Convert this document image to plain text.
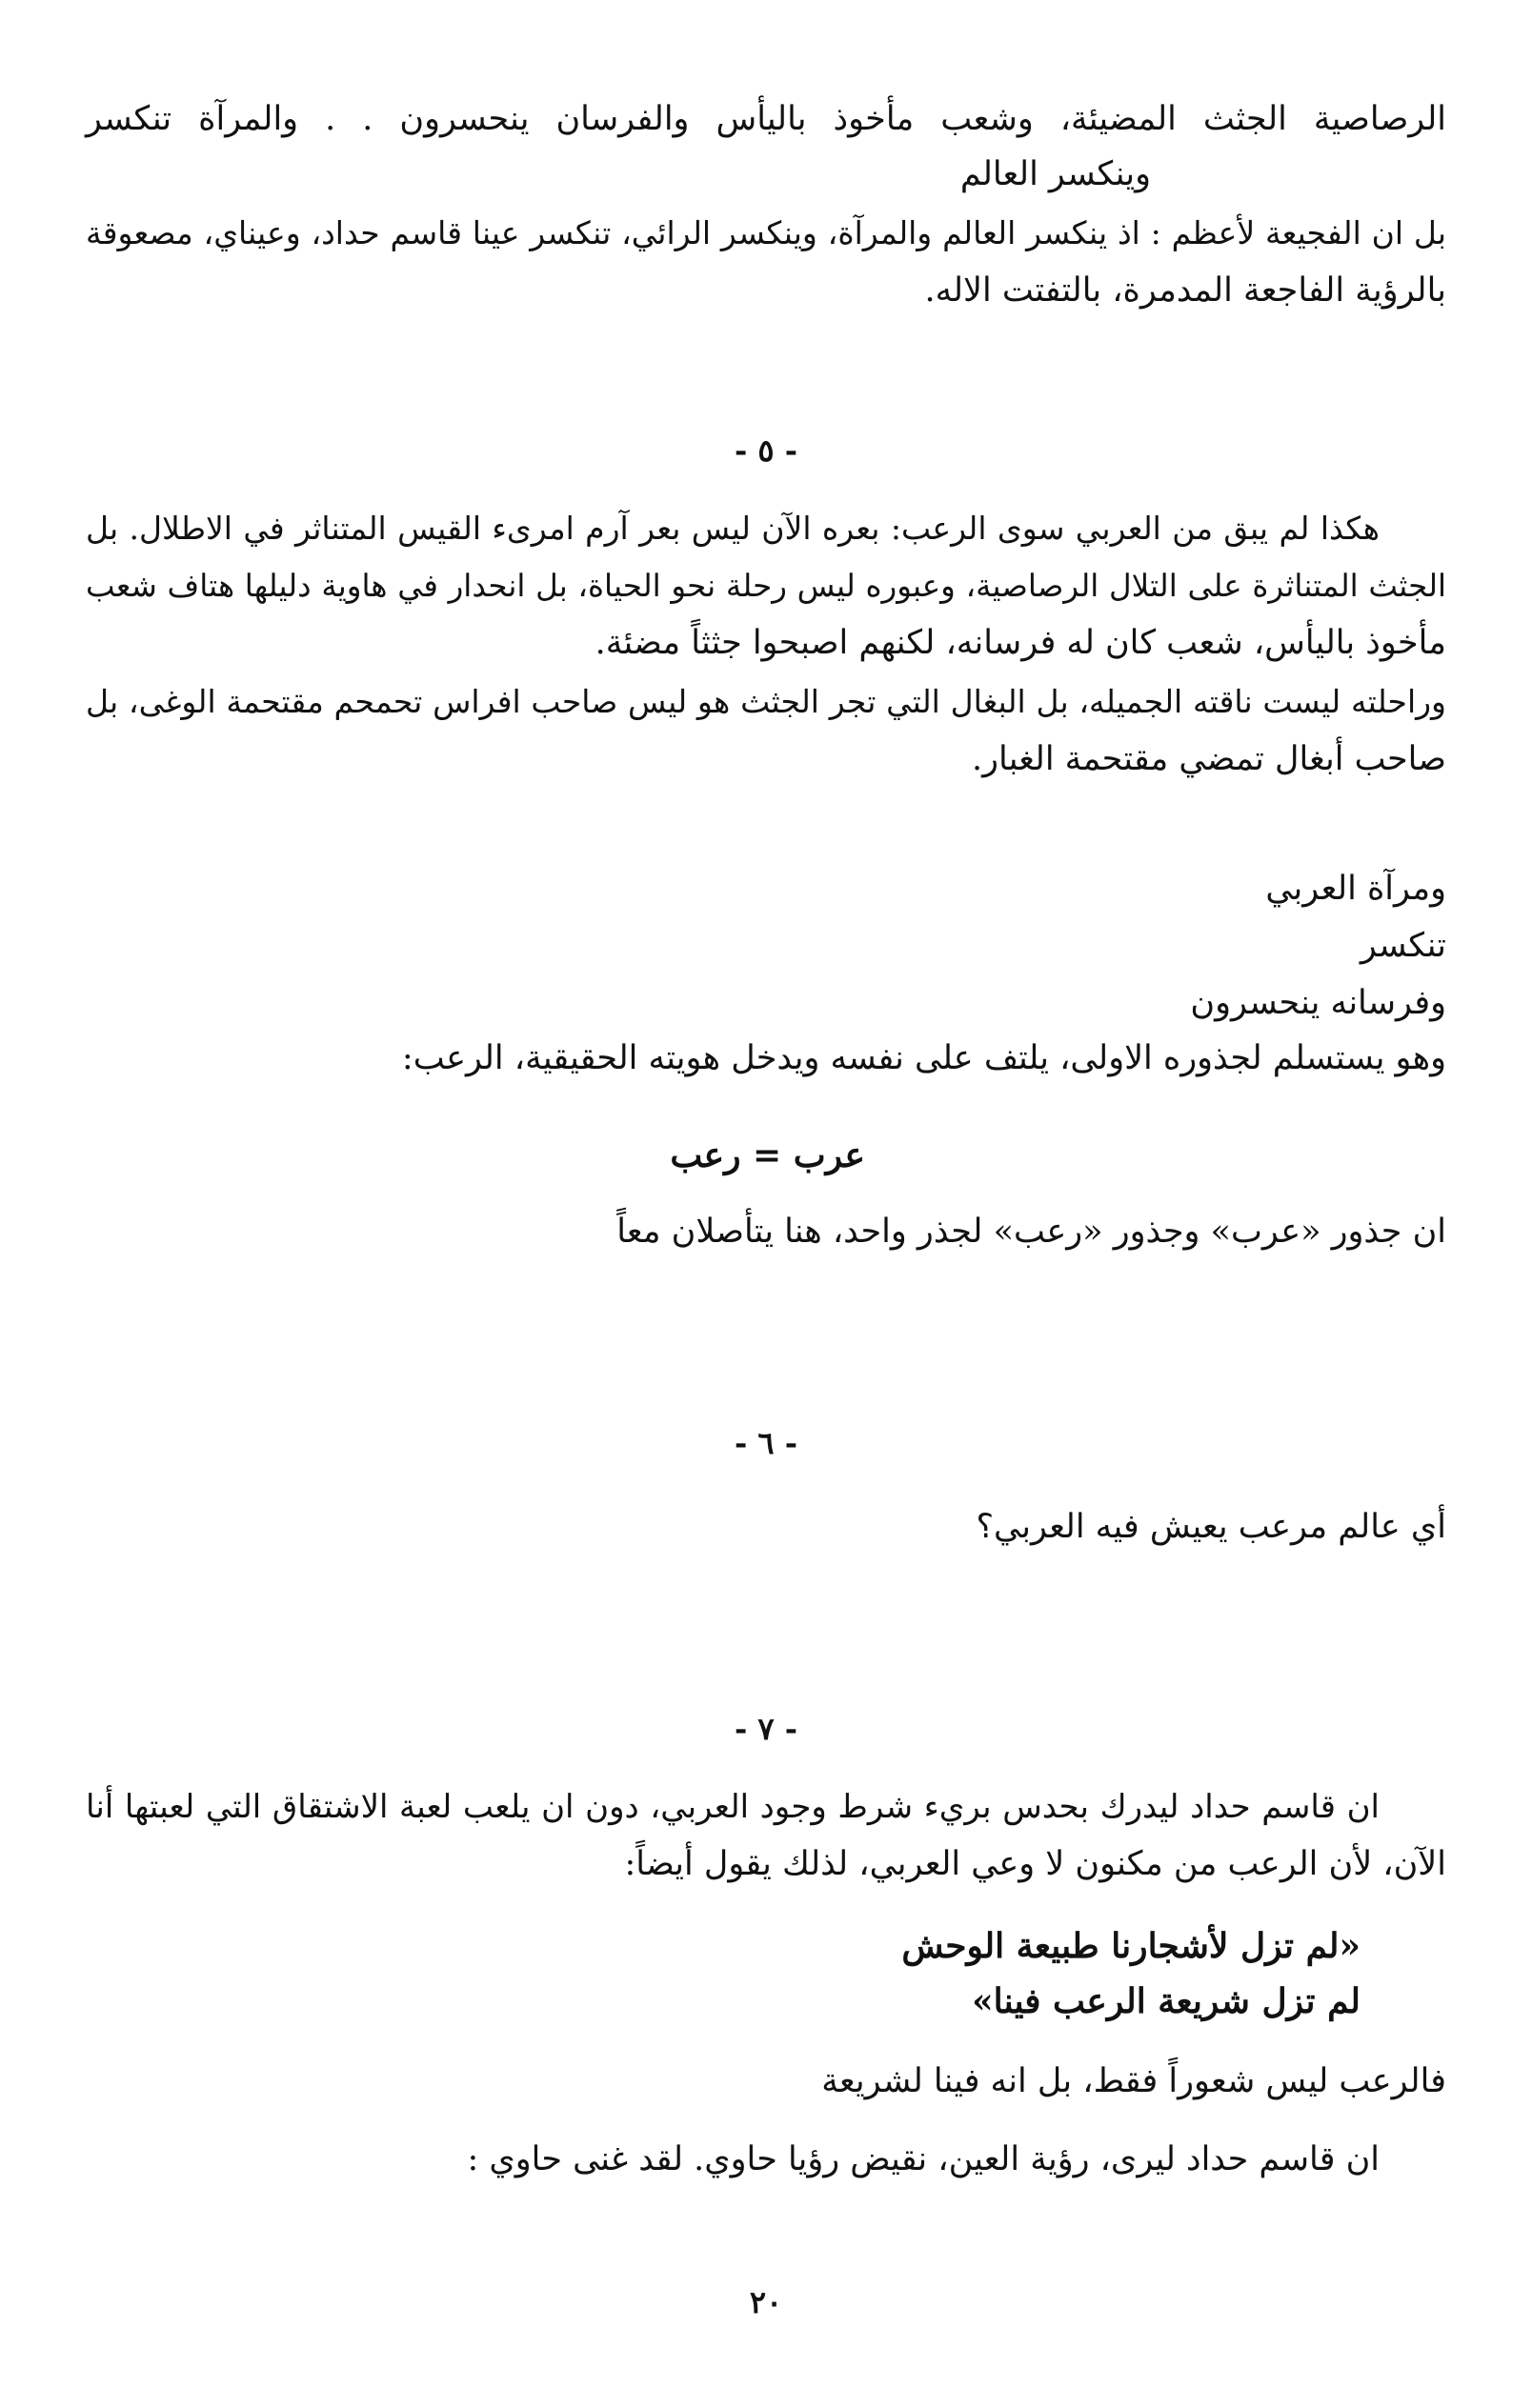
الرصاصية الجثث المضيئة، وشعب مأخوذ باليأس والفرسان ينحسرون . . والمرآة تنكسر
وينكسر العالم
بل ان الفجيعة لأعظم : اذ ينكسر العالم والمرآة، وينكسر الرائي، تنكسر عينا قاسم حداد، وعيناي، مصعوقة
بالرؤية الفاجعة المدمرة، بالتفتت الاله.
- ٥ -
هكذا لم يبق من العربي سوى الرعب: بعره الآن ليس بعر آرم امرىء القيس المتناثر في الاطلال. بل
الجثث المتناثرة على التلال الرصاصية، وعبوره ليس رحلة نحو الحياة، بل انحدار في هاوية دليلها هتاف شعب
مأخوذ باليأس، شعب كان له فرسانه، لكنهم اصبحوا جثثاً مضئة.
وراحلته ليست ناقته الجميله، بل البغال التي تجر الجثث هو ليس صاحب افراس تحمحم مقتحمة الوغى، بل
صاحب أبغال تمضي مقتحمة الغبار.
ومرآة العربي
تنكسر
وفرسانه ينحسرون
وهو يستسلم لجذوره الاولى، يلتف على نفسه ويدخل هويته الحقيقية، الرعب:
عرب = رعب
ان جذور «عرب» وجذور «رعب» لجذر واحد، هنا يتأصلان معاً
- ٦ -
أي عالم مرعب يعيش فيه العربي؟
- ٧ -
ان قاسم حداد ليدرك بحدس بريء شرط وجود العربي، دون ان يلعب لعبة الاشتقاق التي لعبتها أنا
الآن، لأن الرعب من مكنون لا وعي العربي، لذلك يقول أيضاً:
«لم تزل لأشجارنا طبيعة الوحش
لم تزل شريعة الرعب فينا»
فالرعب ليس شعوراً فقط، بل انه فينا لشريعة
ان قاسم حداد ليرى، رؤية العين، نقيض رؤيا حاوي. لقد غنى حاوي :
٢٠
